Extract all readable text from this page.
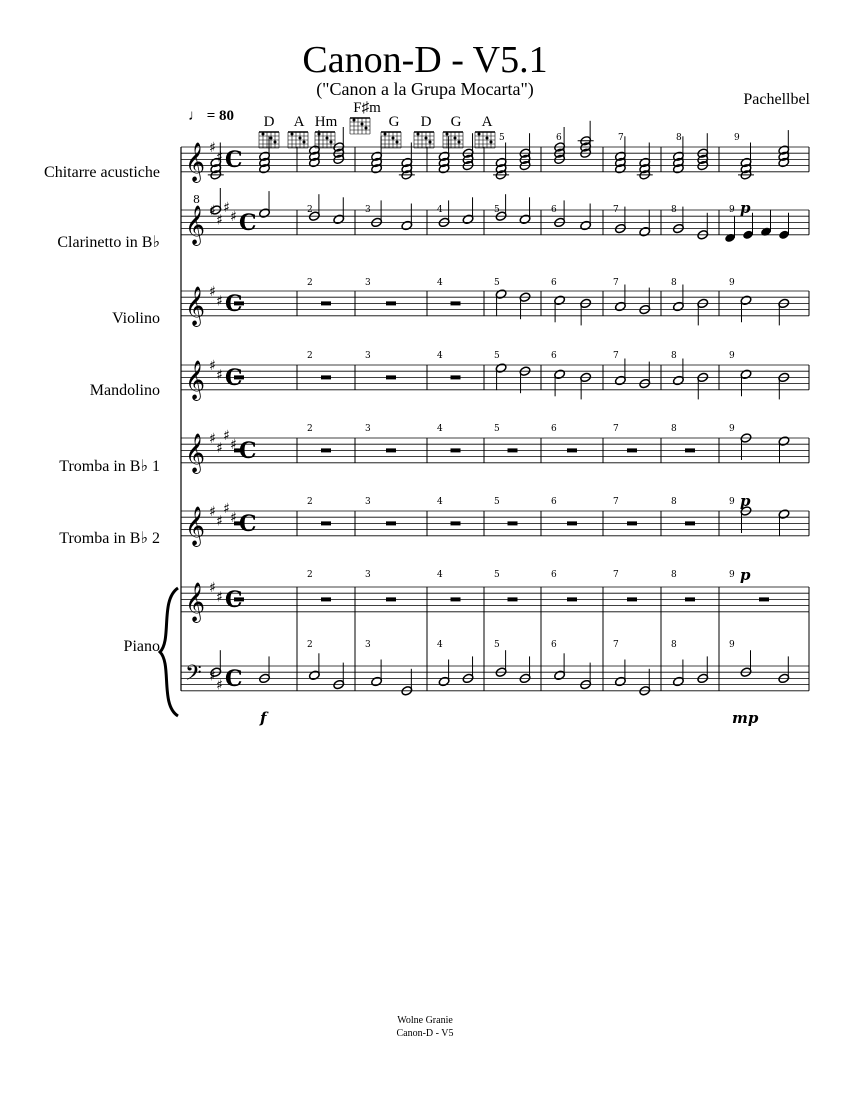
Canon-D - V5.1
("Canon a la Grupa Mocarta")
Pachellbel
♩ = 80	D	A Hm
F♯m
G	D	G	A
Chitarre acustiche
Clarinetto in B♭
Violino
Mandolino
Tromba in B♭ 1
Tromba in B♭ 2
Piano
Wolne Granie
Canon-D - V5
𝄞 ♯
♯ C
𝄞 ♯
♯
♯
♯ C
𝄞 ♯
♯ C
𝄞 ♯
♯ C
𝄞 ♯
♯
♯
♯ C
𝄞 ♯
♯
♯
♯ C
𝄞 ♯
♯ C
𝄢 ♯
♯ C
8
2
2
2
2
2
2
2
3
3
3
3
3
3
3
4
4
4
4
4
4
4
5
5
5
5
5
5
5
6
6
6
6
6
6
6
7
7
7
7
7
7
7
8
8
8
8
8
8
8
9
9
9
9
9
9
9
5	6	7	8	9
p
p
p
f	mp
